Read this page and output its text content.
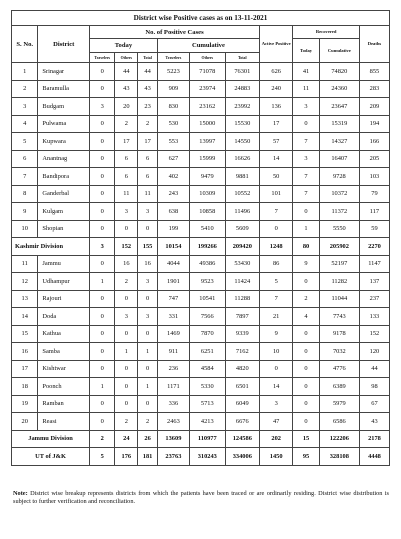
District wise Positive cases as on 13-11-2021											
S. No.	District	No. of Positive Cases						Active Positive	Recovered		Deaths
		Today			Cumulative				Today	Cumulative	
		Travelers	Others	Total	Travelers	Others	Total				
1	Srinagar	0	44	44	5223	71078	76301	626	41	74820	855
2	Baramulla	0	43	43	909	23974	24883	240	11	24360	283
3	Budgam	3	20	23	830	23162	23992	136	3	23647	209
4	Pulwama	0	2	2	530	15000	15530	17	0	15319	194
5	Kupwara	0	17	17	553	13997	14550	57	7	14327	166
6	Anantnag	0	6	6	627	15999	16626	14	3	16407	205
7	Bandipora	0	6	6	402	9479	9881	50	7	9728	103
8	Ganderbal	0	11	11	243	10309	10552	101	7	10372	79
9	Kulgam	0	3	3	638	10858	11496	7	0	11372	117
10	Shopian	0	0	0	199	5410	5609	0	1	5550	59
Kashmir Division		3	152	155	10154	199266	209420	1248	80	205902	2270
11	Jammu	0	16	16	4044	49386	53430	86	9	52197	1147
12	Udhampur	1	2	3	1901	9523	11424	5	0	11282	137
13	Rajouri	0	0	0	747	10541	11288	7	2	11044	237
14	Doda	0	3	3	331	7566	7897	21	4	7743	133
15	Kathua	0	0	0	1469	7870	9339	9	0	9178	152
16	Samba	0	1	1	911	6251	7162	10	0	7032	120
17	Kishtwar	0	0	0	236	4584	4820	0	0	4776	44
18	Poonch	1	0	1	1171	5330	6501	14	0	6389	98
19	Ramban	0	0	0	336	5713	6049	3	0	5979	67
20	Reasi	0	2	2	2463	4213	6676	47	0	6586	43
Jammu Division		2	24	26	13609	110977	124586	202	15	122206	2178
UT of J&K		5	176	181	23763	310243	334006	1450	95	328108	4448
Note: District wise breakup represents districts from which the patients have been traced or are ordinarily residing. District wise distribution is subject to further verification and reconciliation.
